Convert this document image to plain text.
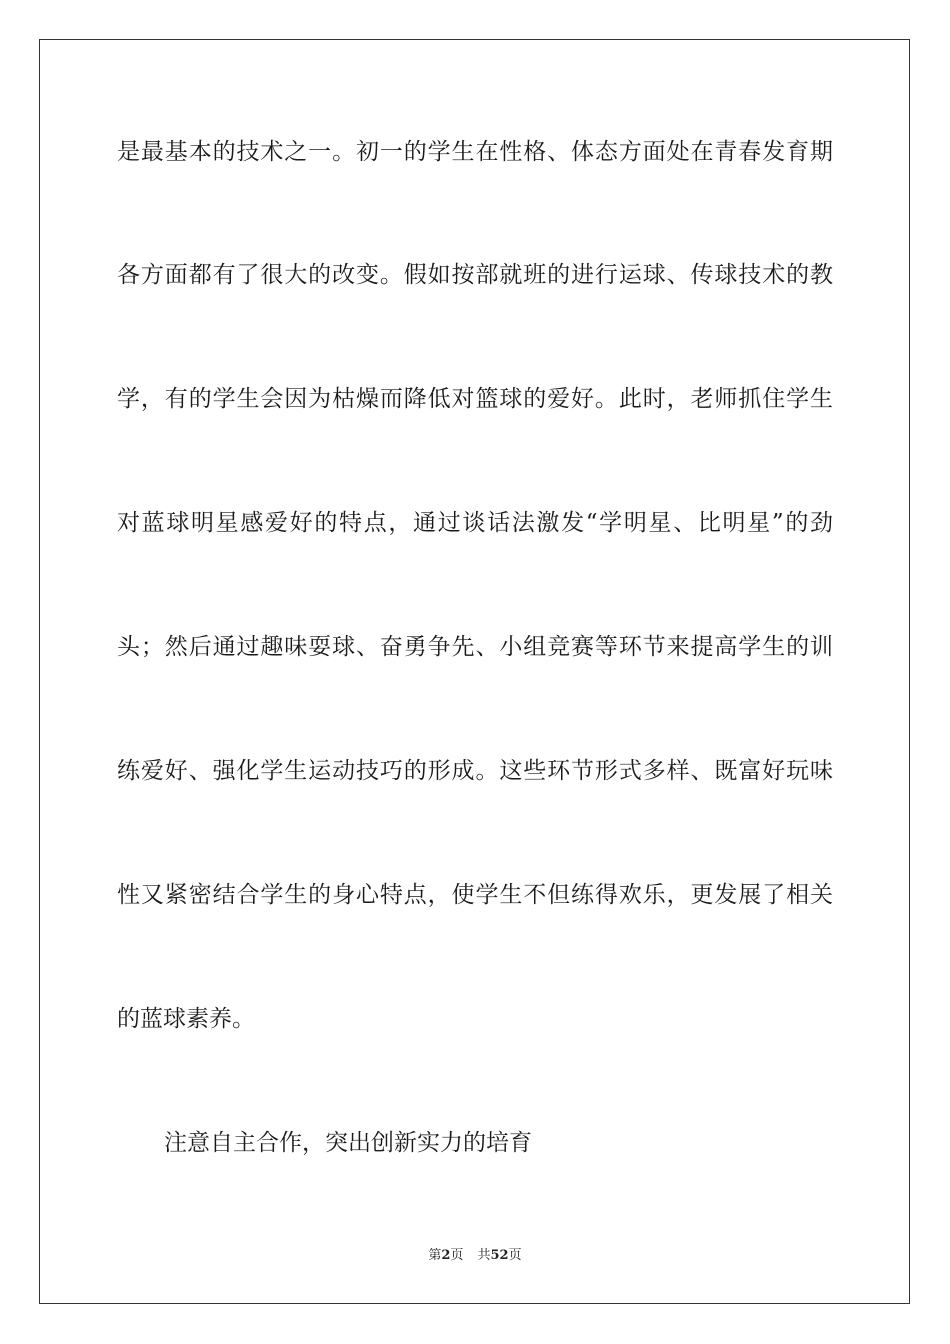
是最基本的技术之一。初一的学生在性格、体态方面处在青春发育期
各方面都有了很大的改变。假如按部就班的进行运球、传球技术的教
学，有的学生会因为枯燥而降低对篮球的爱好。此时，老师抓住学生
对蓝球明星感爱好的特点，通过谈话法激发“学明星、比明星”的劲
头；然后通过趣味耍球、奋勇争先、小组竞赛等环节来提高学生的训
练爱好、强化学生运动技巧的形成。这些环节形式多样、既富好玩味
性又紧密结合学生的身心特点，使学生不但练得欢乐，更发展了相关
的蓝球素养。
注意自主合作，突出创新实力的培育
第2页 共52页
